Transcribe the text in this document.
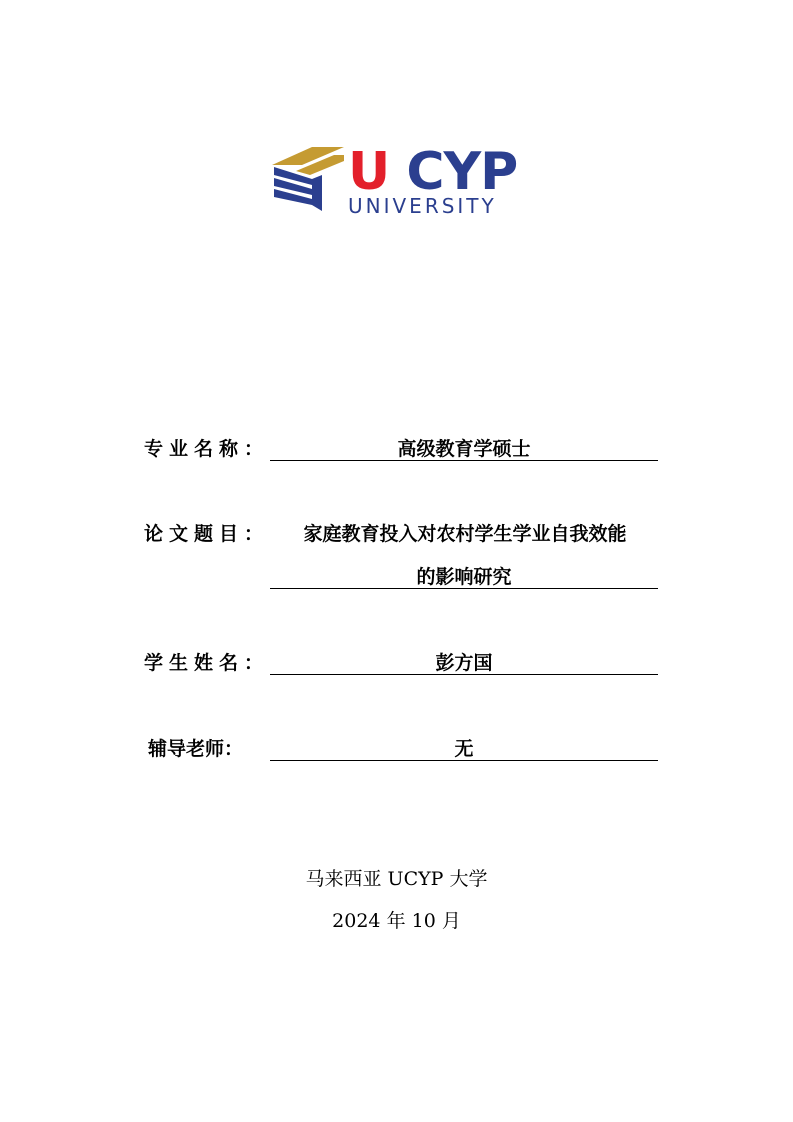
U CYP
UNIVERSITY
专业名称：	高级教育学硕士
论文题目：	家庭教育投入对农村学生学业自我效能
的影响研究
学生姓名：	彭方国
辅导老师：	无
马来西亚 UCYP 大学
2024 年 10 月
